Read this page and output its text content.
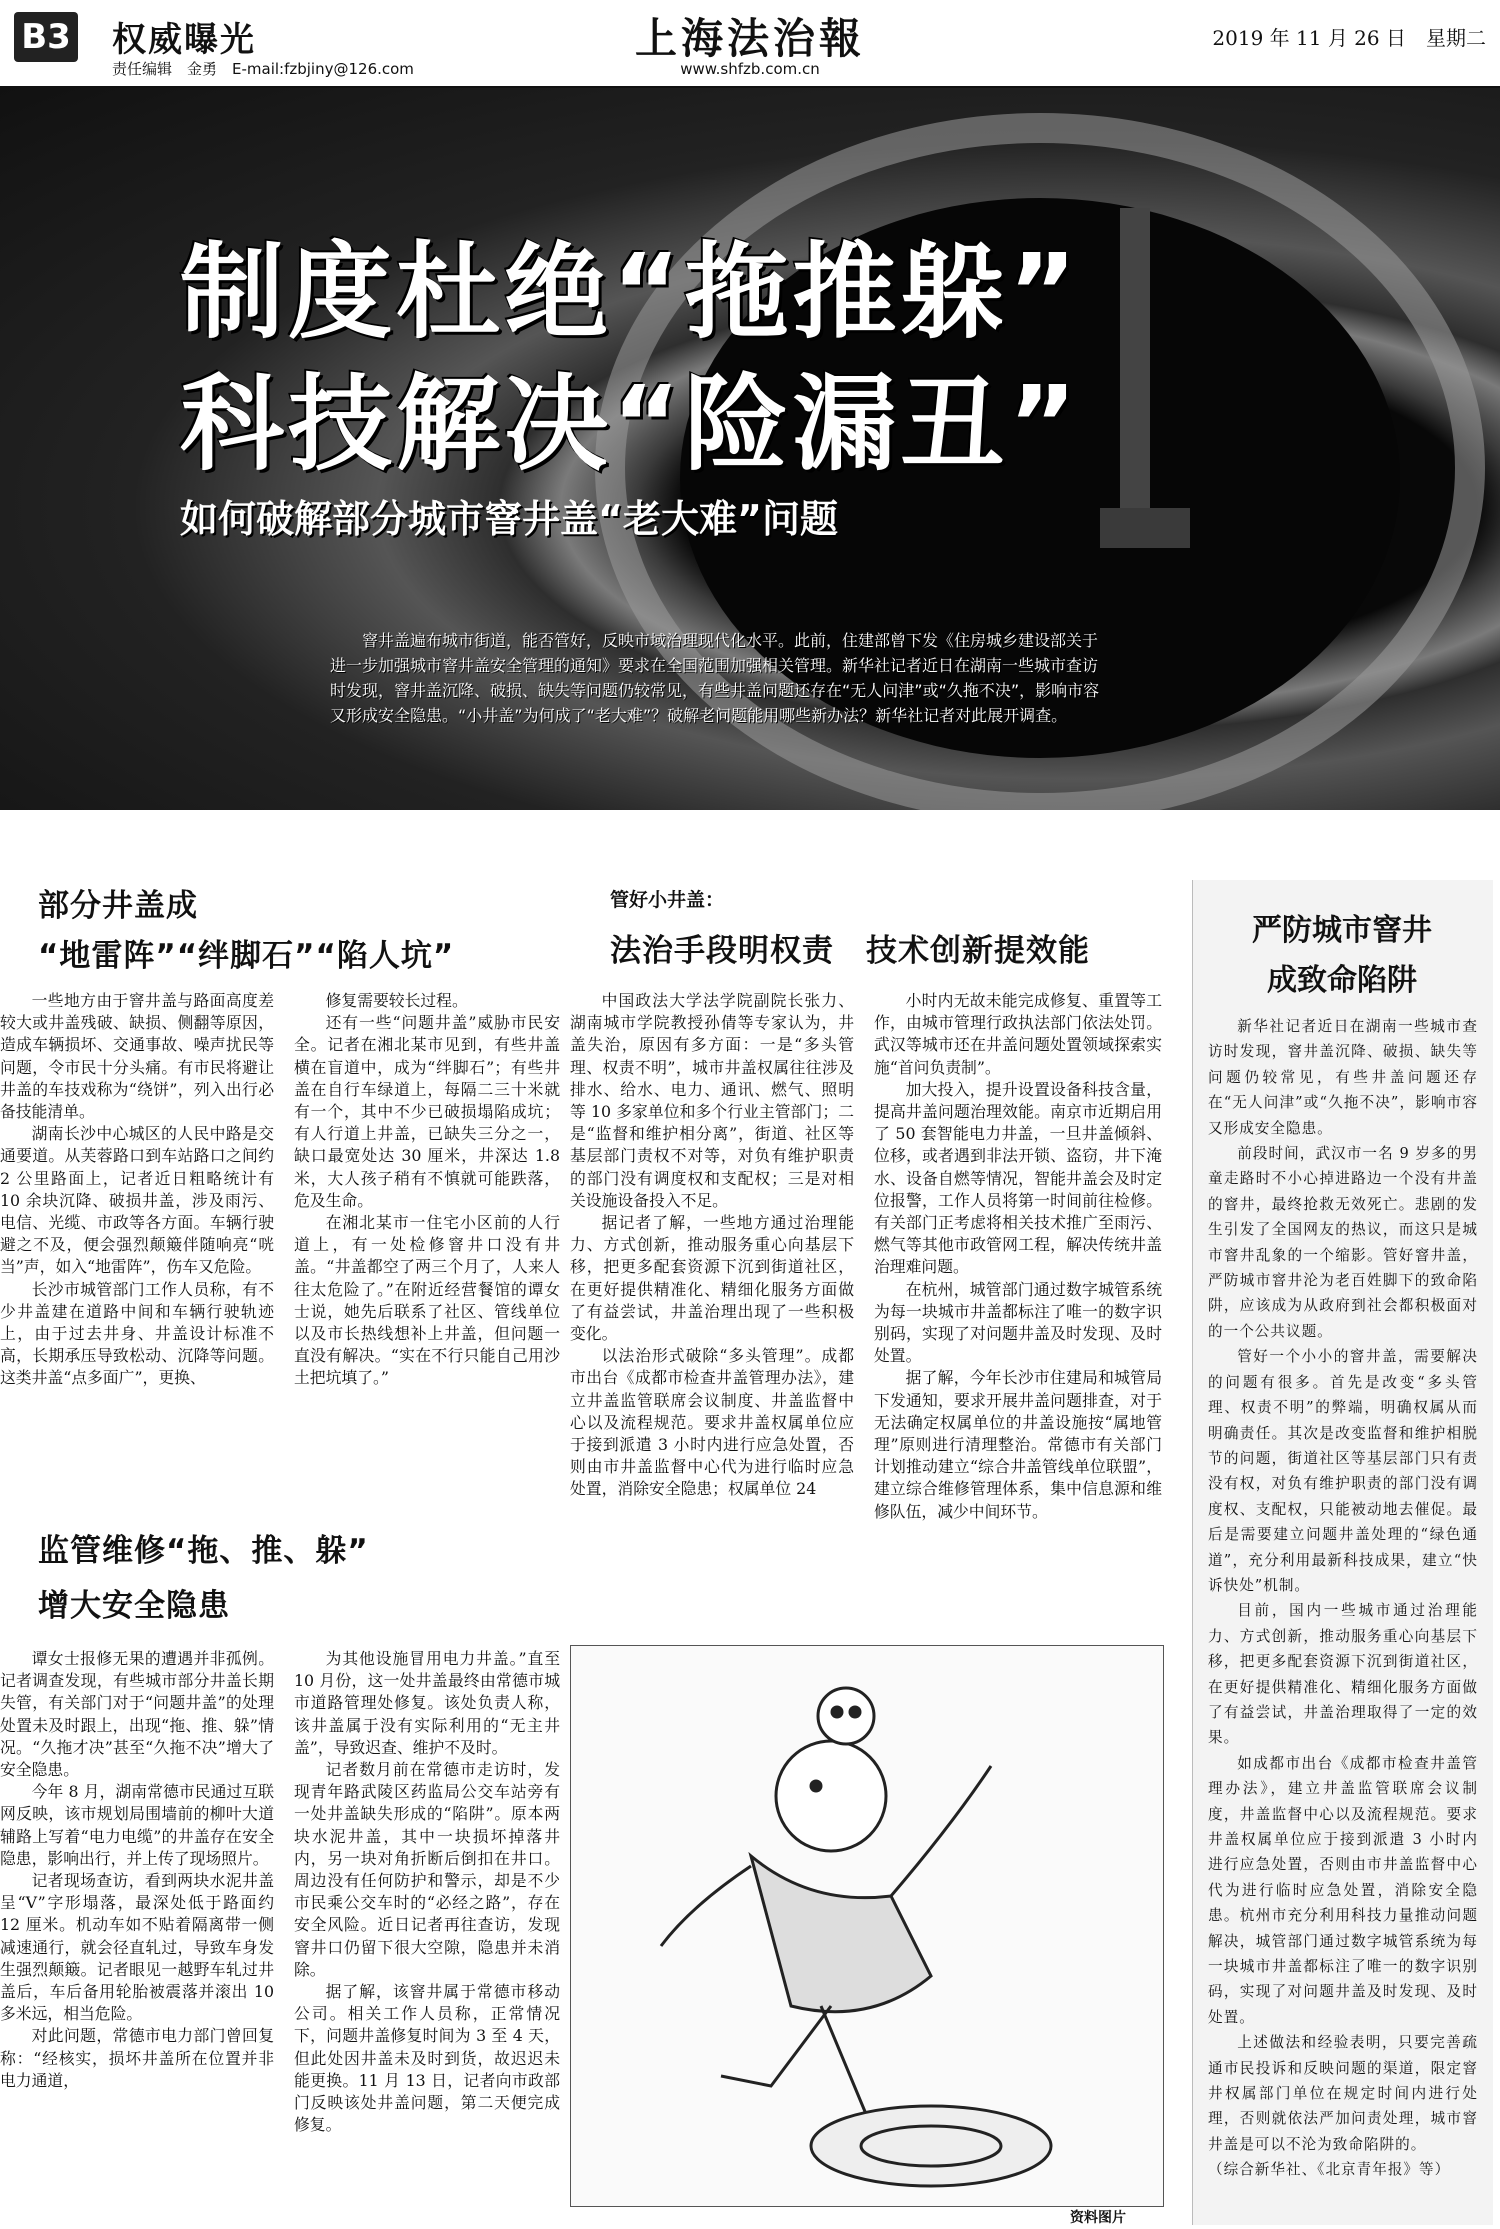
B3 权威曝光
责任编辑　金勇　E-mail:fzbjiny@126.com
上海法治報
www.shfzb.com.cn
2019 年 11 月 26 日　星期二
制度杜绝“拖推躲”
科技解决“险漏丑”
如何破解部分城市窨井盖“老大难”问题
窨井盖遍布城市街道，能否管好，反映市域治理现代化水平。此前，住建部曾下发《住房城乡建设部关于进一步加强城市窨井盖安全管理的通知》要求在全国范围加强相关管理。新华社记者近日在湖南一些城市查访时发现，窨井盖沉降、破损、缺失等问题仍较常见，有些井盖问题还存在“无人问津”或“久拖不决”，影响市容又形成安全隐患。“小井盖”为何成了“老大难”？破解老问题能用哪些新办法？新华社记者对此展开调查。
部分井盖成
“地雷阵”“绊脚石”“陷人坑”

一些地方由于窨井盖与路面高度差较大或井盖残破、缺损、侧翻等原因，造成车辆损坏、交通事故、噪声扰民等问题，令市民十分头痛。有市民将避让井盖的车技戏称为“绕饼”，列入出行必备技能清单。

湖南长沙中心城区的人民中路是交通要道。从芙蓉路口到车站路口之间约 2 公里路面上，记者近日粗略统计有 10 余块沉降、破损井盖，涉及雨污、电信、光缆、市政等各方面。车辆行驶避之不及，便会强烈颠簸伴随响亮“咣当”声，如入“地雷阵”，伤车又危险。

长沙市城管部门工作人员称，有不少井盖建在道路中间和车辆行驶轨迹上，由于过去井身、井盖设计标准不高，长期承压导致松动、沉降等问题。这类井盖“点多面广”，更换、

修复需要较长过程。

还有一些“问题井盖”威胁市民安全。记者在湘北某市见到，有些井盖横在盲道中，成为“绊脚石”；有些井盖在自行车绿道上，每隔二三十米就有一个，其中不少已破损塌陷成坑；有人行道上井盖，已缺失三分之一，缺口最宽处达 30 厘米，井深达 1.8 米，大人孩子稍有不慎就可能跌落，危及生命。

在湘北某市一住宅小区前的人行道上，有一处检修窨井口没有井盖。“井盖都空了两三个月了，人来人往太危险了。”在附近经营餐馆的谭女士说，她先后联系了社区、管线单位以及市长热线想补上井盖，但问题一直没有解决。“实在不行只能自己用沙土把坑填了。”

监管维修“拖、推、躲”
增大安全隐患

谭女士报修无果的遭遇并非孤例。记者调查发现，有些城市部分井盖长期失管，有关部门对于“问题井盖”的处理处置未及时跟上，出现“拖、推、躲”情况。“久拖才决”甚至“久拖不决”增大了安全隐患。

今年 8 月，湖南常德市民通过互联网反映，该市规划局围墙前的柳叶大道辅路上写着“电力电缆”的井盖存在安全隐患，影响出行，并上传了现场照片。

记者现场查访，看到两块水泥井盖呈“V”字形塌落，最深处低于路面约 12 厘米。机动车如不贴着隔离带一侧减速通行，就会径直轧过，导致车身发生强烈颠簸。记者眼见一越野车轧过井盖后，车后备用轮胎被震落并滚出 10 多米远，相当危险。

对此问题，常德市电力部门曾回复称：“经核实，损坏井盖所在位置并非电力通道，

为其他设施冒用电力井盖。”直至 10 月份，这一处井盖最终由常德市城市道路管理处修复。该处负责人称，该井盖属于没有实际利用的“无主井盖”，导致迟查、维护不及时。

记者数月前在常德市走访时，发现青年路武陵区药监局公交车站旁有一处井盖缺失形成的“陷阱”。原本两块水泥井盖，其中一块损坏掉落井内，另一块对角折断后倒扣在井口。周边没有任何防护和警示，却是不少市民乘公交车时的“必经之路”，存在安全风险。近日记者再往查访，发现窨井口仍留下很大空隙，隐患并未消除。

据了解，该窨井属于常德市移动公司。相关工作人员称，正常情况下，问题井盖修复时间为 3 至 4 天，但此处因井盖未及时到货，故迟迟未能更换。11 月 13 日，记者向市政部门反映该处井盖问题，第二天便完成修复。

管好小井盖：
法治手段明权责　技术创新提效能

中国政法大学法学院副院长张力、湖南城市学院教授孙倩等专家认为，井盖失治，原因有多方面：一是“多头管理、权责不明”，城市井盖权属往往涉及排水、给水、电力、通讯、燃气、照明等 10 多家单位和多个行业主管部门；二是“监督和维护相分离”，街道、社区等基层部门责权不对等，对负有维护职责的部门没有调度权和支配权；三是对相关设施设备投入不足。

据记者了解，一些地方通过治理能力、方式创新，推动服务重心向基层下移，把更多配套资源下沉到街道社区，在更好提供精准化、精细化服务方面做了有益尝试，井盖治理出现了一些积极变化。

以法治形式破除“多头管理”。成都市出台《成都市检查井盖管理办法》，建立井盖监管联席会议制度、井盖监督中心以及流程规范。要求井盖权属单位应于接到派遣 3 小时内进行应急处置，否则由市井盖监督中心代为进行临时应急处置，消除安全隐患；权属单位 24

小时内无故未能完成修复、重置等工作，由城市管理行政执法部门依法处罚。武汉等城市还在井盖问题处置领域探索实施“首问负责制”。

加大投入，提升设置设备科技含量，提高井盖问题治理效能。南京市近期启用了 50 套智能电力井盖，一旦井盖倾斜、位移，或者遇到非法开锁、盗窃，井下淹水、设备自燃等情况，智能井盖会及时定位报警，工作人员将第一时间前往检修。有关部门正考虑将相关技术推广至雨污、燃气等其他市政管网工程，解决传统井盖治理难问题。

在杭州，城管部门通过数字城管系统为每一块城市井盖都标注了唯一的数字识别码，实现了对问题井盖及时发现、及时处置。

据了解，今年长沙市住建局和城管局下发通知，要求开展井盖问题排查，对于无法确定权属单位的井盖设施按“属地管理”原则进行清理整治。常德市有关部门计划推动建立“综合井盖管线单位联盟”，建立综合维修管理体系，集中信息源和维修队伍，减少中间环节。

资料图片
严防城市窨井
成致命陷阱

新华社记者近日在湖南一些城市查访时发现，窨井盖沉降、破损、缺失等问题仍较常见，有些井盖问题还存在“无人问津”或“久拖不决”，影响市容又形成安全隐患。

前段时间，武汉市一名 9 岁多的男童走路时不小心掉进路边一个没有井盖的窨井，最终抢救无效死亡。悲剧的发生引发了全国网友的热议，而这只是城市窨井乱象的一个缩影。管好窨井盖，严防城市窨井沦为老百姓脚下的致命陷阱，应该成为从政府到社会都积极面对的一个公共议题。

管好一个小小的窨井盖，需要解决的问题有很多。首先是改变“多头管理、权责不明”的弊端，明确权属从而明确责任。其次是改变监督和维护相脱节的问题，街道社区等基层部门只有责没有权，对负有维护职责的部门没有调度权、支配权，只能被动地去催促。最后是需要建立问题井盖处理的“绿色通道”，充分利用最新科技成果，建立“快诉快处”机制。

目前，国内一些城市通过治理能力、方式创新，推动服务重心向基层下移，把更多配套资源下沉到街道社区，在更好提供精准化、精细化服务方面做了有益尝试，井盖治理取得了一定的效果。

如成都市出台《成都市检查井盖管理办法》，建立井盖监管联席会议制度，井盖监督中心以及流程规范。要求井盖权属单位应于接到派遣 3 小时内进行应急处置，否则由市井盖监督中心代为进行临时应急处置，消除安全隐患。杭州市充分利用科技力量推动问题解决，城管部门通过数字城管系统为每一块城市井盖都标注了唯一的数字识别码，实现了对问题井盖及时发现、及时处置。

上述做法和经验表明，只要完善疏通市民投诉和反映问题的渠道，限定窨井权属部门单位在规定时间内进行处理，否则就依法严加问责处理，城市窨井盖是可以不沦为致命陷阱的。

（综合新华社、《北京青年报》等）
